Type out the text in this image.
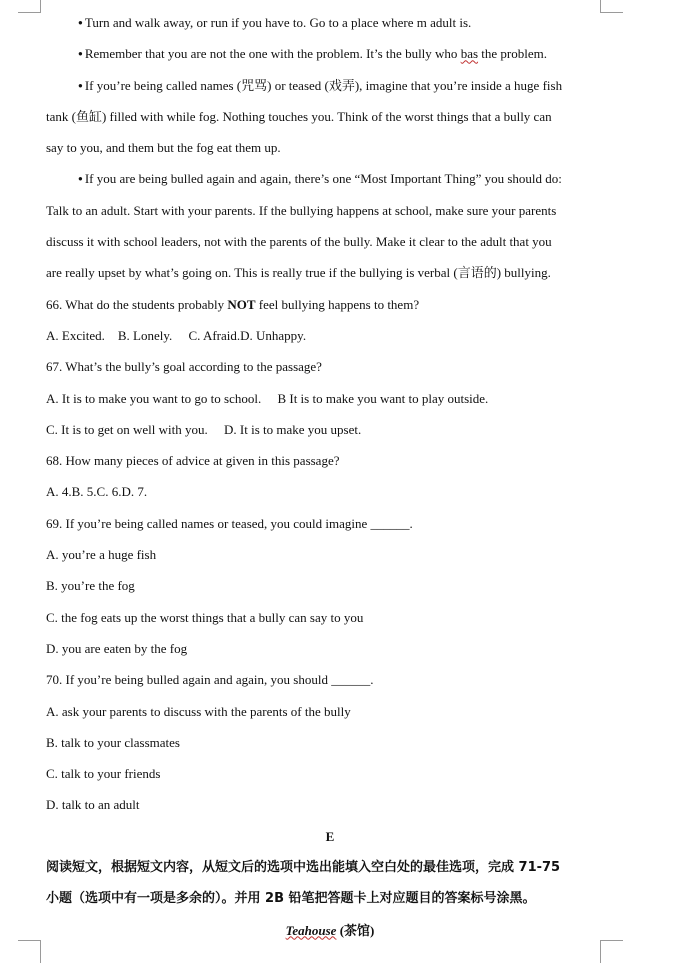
● Turn and walk away, or run if you have to. Go to a place where m adult is.
● Remember that you are not the one with the problem. It’s the bully who bas the problem.
● If you’re being called names (咒骂) or teased (戏弄), imagine that you’re inside a huge fish
tank (鱼缸) filled with while fog. Nothing touches you. Think of the worst things that a bully can
say to you, and them but the fog eat them up.
● If you are being bulled again and again, there’s one “Most Important Thing” you should do:
Talk to an adult. Start with your parents. If the bullying happens at school, make sure your parents
discuss it with school leaders, not with the parents of the bully. Make it clear to the adult that you
are really upset by what’s going on. This is really true if the bullying is verbal (言语的) bullying.
66. What do the students probably NOT feel bullying happens to them?
A. Excited.    B. Lonely.     C. Afraid.D. Unhappy.
67. What’s the bully’s goal according to the passage?
A. It is to make you want to go to school.     B It is to make you want to play outside.
C. It is to get on well with you.     D. It is to make you upset.
68. How many pieces of advice at given in this passage?
A. 4.B. 5.C. 6.D. 7.
69. If you’re being called names or teased, you could imagine ______.
A. you’re a huge fish
B. you’re the fog
C. the fog eats up the worst things that a bully can say to you
D. you are eaten by the fog
70. If you’re being bulled again and again, you should ______.
A. ask your parents to discuss with the parents of the bully
B. talk to your classmates
C. talk to your friends
D. talk to an adult
E
阅读短文，根据短文内容，从短文后的选项中选出能填入空白处的最佳选项，完成 71-75
小题（选项中有一项是多余的）。并用 2B 铅笔把答题卡上对应题目的答案标号涂黑。
Teahouse (茶馆)
